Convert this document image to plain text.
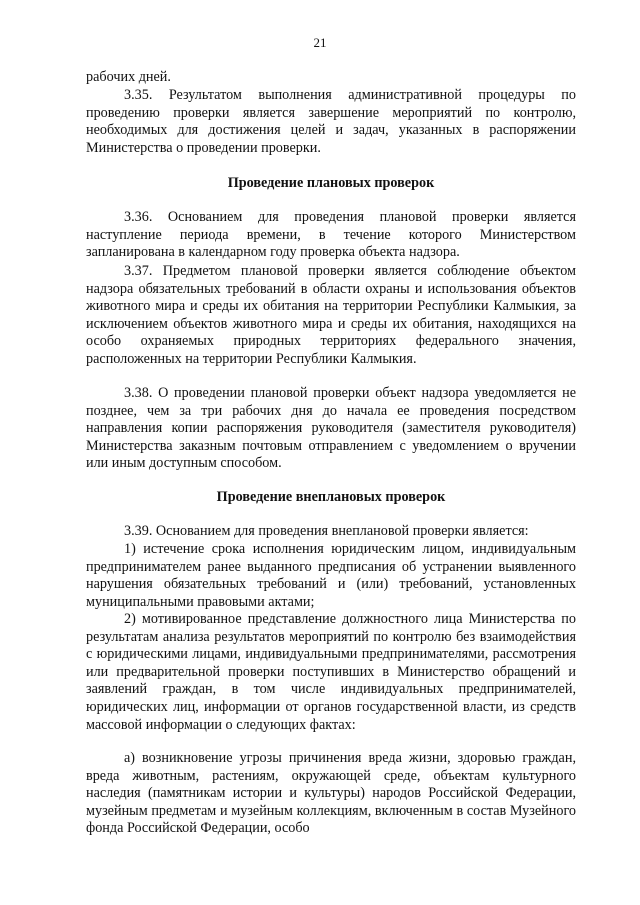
21

рабочих дней.

3.35. Результатом выполнения административной процедуры по проведению проверки является завершение мероприятий по контролю, необходимых для достижения целей и задач, указанных в распоряжении Министерства о проведении проверки.

Проведение плановых проверок

3.36. Основанием для проведения плановой проверки является наступление периода времени, в течение которого Министерством запланирована в календарном году проверка объекта надзора.

3.37. Предметом плановой проверки является соблюдение объектом надзора обязательных требований в области охраны и использования объектов животного мира и среды их обитания на территории Республики Калмыкия, за исключением объектов животного мира и среды их обитания, находящихся на особо охраняемых природных территориях федерального значения, расположенных на территории Республики Калмыкия.

3.38. О проведении плановой проверки объект надзора уведомляется не позднее, чем за три рабочих дня до начала ее проведения посредством направления копии распоряжения руководителя (заместителя руководителя) Министерства заказным почтовым отправлением с уведомлением о вручении или иным доступным способом.

Проведение внеплановых проверок

3.39. Основанием для проведения внеплановой проверки является:

1) истечение срока исполнения юридическим лицом, индивидуальным предпринимателем ранее выданного предписания об устранении выявленного нарушения обязательных требований и (или) требований, установленных муниципальными правовыми актами;

2) мотивированное представление должностного лица Министерства по результатам анализа результатов мероприятий по контролю без взаимодействия с юридическими лицами, индивидуальными предпринимателями, рассмотрения или предварительной проверки поступивших в Министерство обращений и заявлений граждан, в том числе индивидуальных предпринимателей, юридических лиц, информации от органов государственной власти, из средств массовой информации о следующих фактах:

а) возникновение угрозы причинения вреда жизни, здоровью граждан, вреда животным, растениям, окружающей среде, объектам культурного наследия (памятникам истории и культуры) народов Российской Федерации, музейным предметам и музейным коллекциям, включенным в состав Музейного фонда Российской Федерации, особо
